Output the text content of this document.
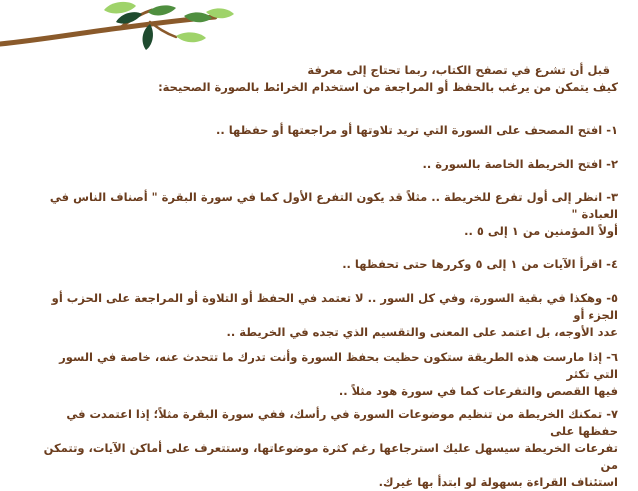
قبل أن تشرع في تصفح الكتاب، ربما تحتاج إلى معرفة
كيف يتمكن من يرغب بالحفظ أو المراجعة من استخدام الخرائط بالصورة الصحيحة:

١- افتح المصحف على السورة التي تريد تلاوتها أو مراجعتها أو حفظها ..

٢- افتح الخريطة الخاصة بالسورة ..

٣- انظر إلى أول تفرع للخريطة .. مثلاً قد يكون التفرع الأول كما في سورة البقرة " أصناف الناس في العبادة "
أولاً المؤمنين من ١ إلى ٥ ..

٤- اقرأ الآيات من ١ إلى ٥ وكررها حتى تحفظها ..

٥- وهكذا في بقية السورة، وفي كل السور .. لا تعتمد في الحفظ أو التلاوة أو المراجعة على الحزب أو الجزء أو
عدد الأوجه، بل اعتمد على المعنى والتقسيم الذي تجده في الخريطة ..

٦- إذا مارست هذه الطريقة ستكون حظيت بحفظ السورة وأنت تدرك ما تتحدث عنه، خاصة في السور التي تكثر
فيها القصص والتفرعات كما في سورة هود مثلاً ..

٧- تمكنك الخريطة من تنظيم موضوعات السورة في رأسك، ففي سورة البقرة مثلاً؛ إذا اعتمدت في حفظها على
تفرعات الخريطة سيسهل عليك استرجاعها رغم كثرة موضوعاتها، وستتعرف على أماكن الآيات، وتتمكن من
استئناف القراءة بسهولة لو ابتدأ بها غيرك.
